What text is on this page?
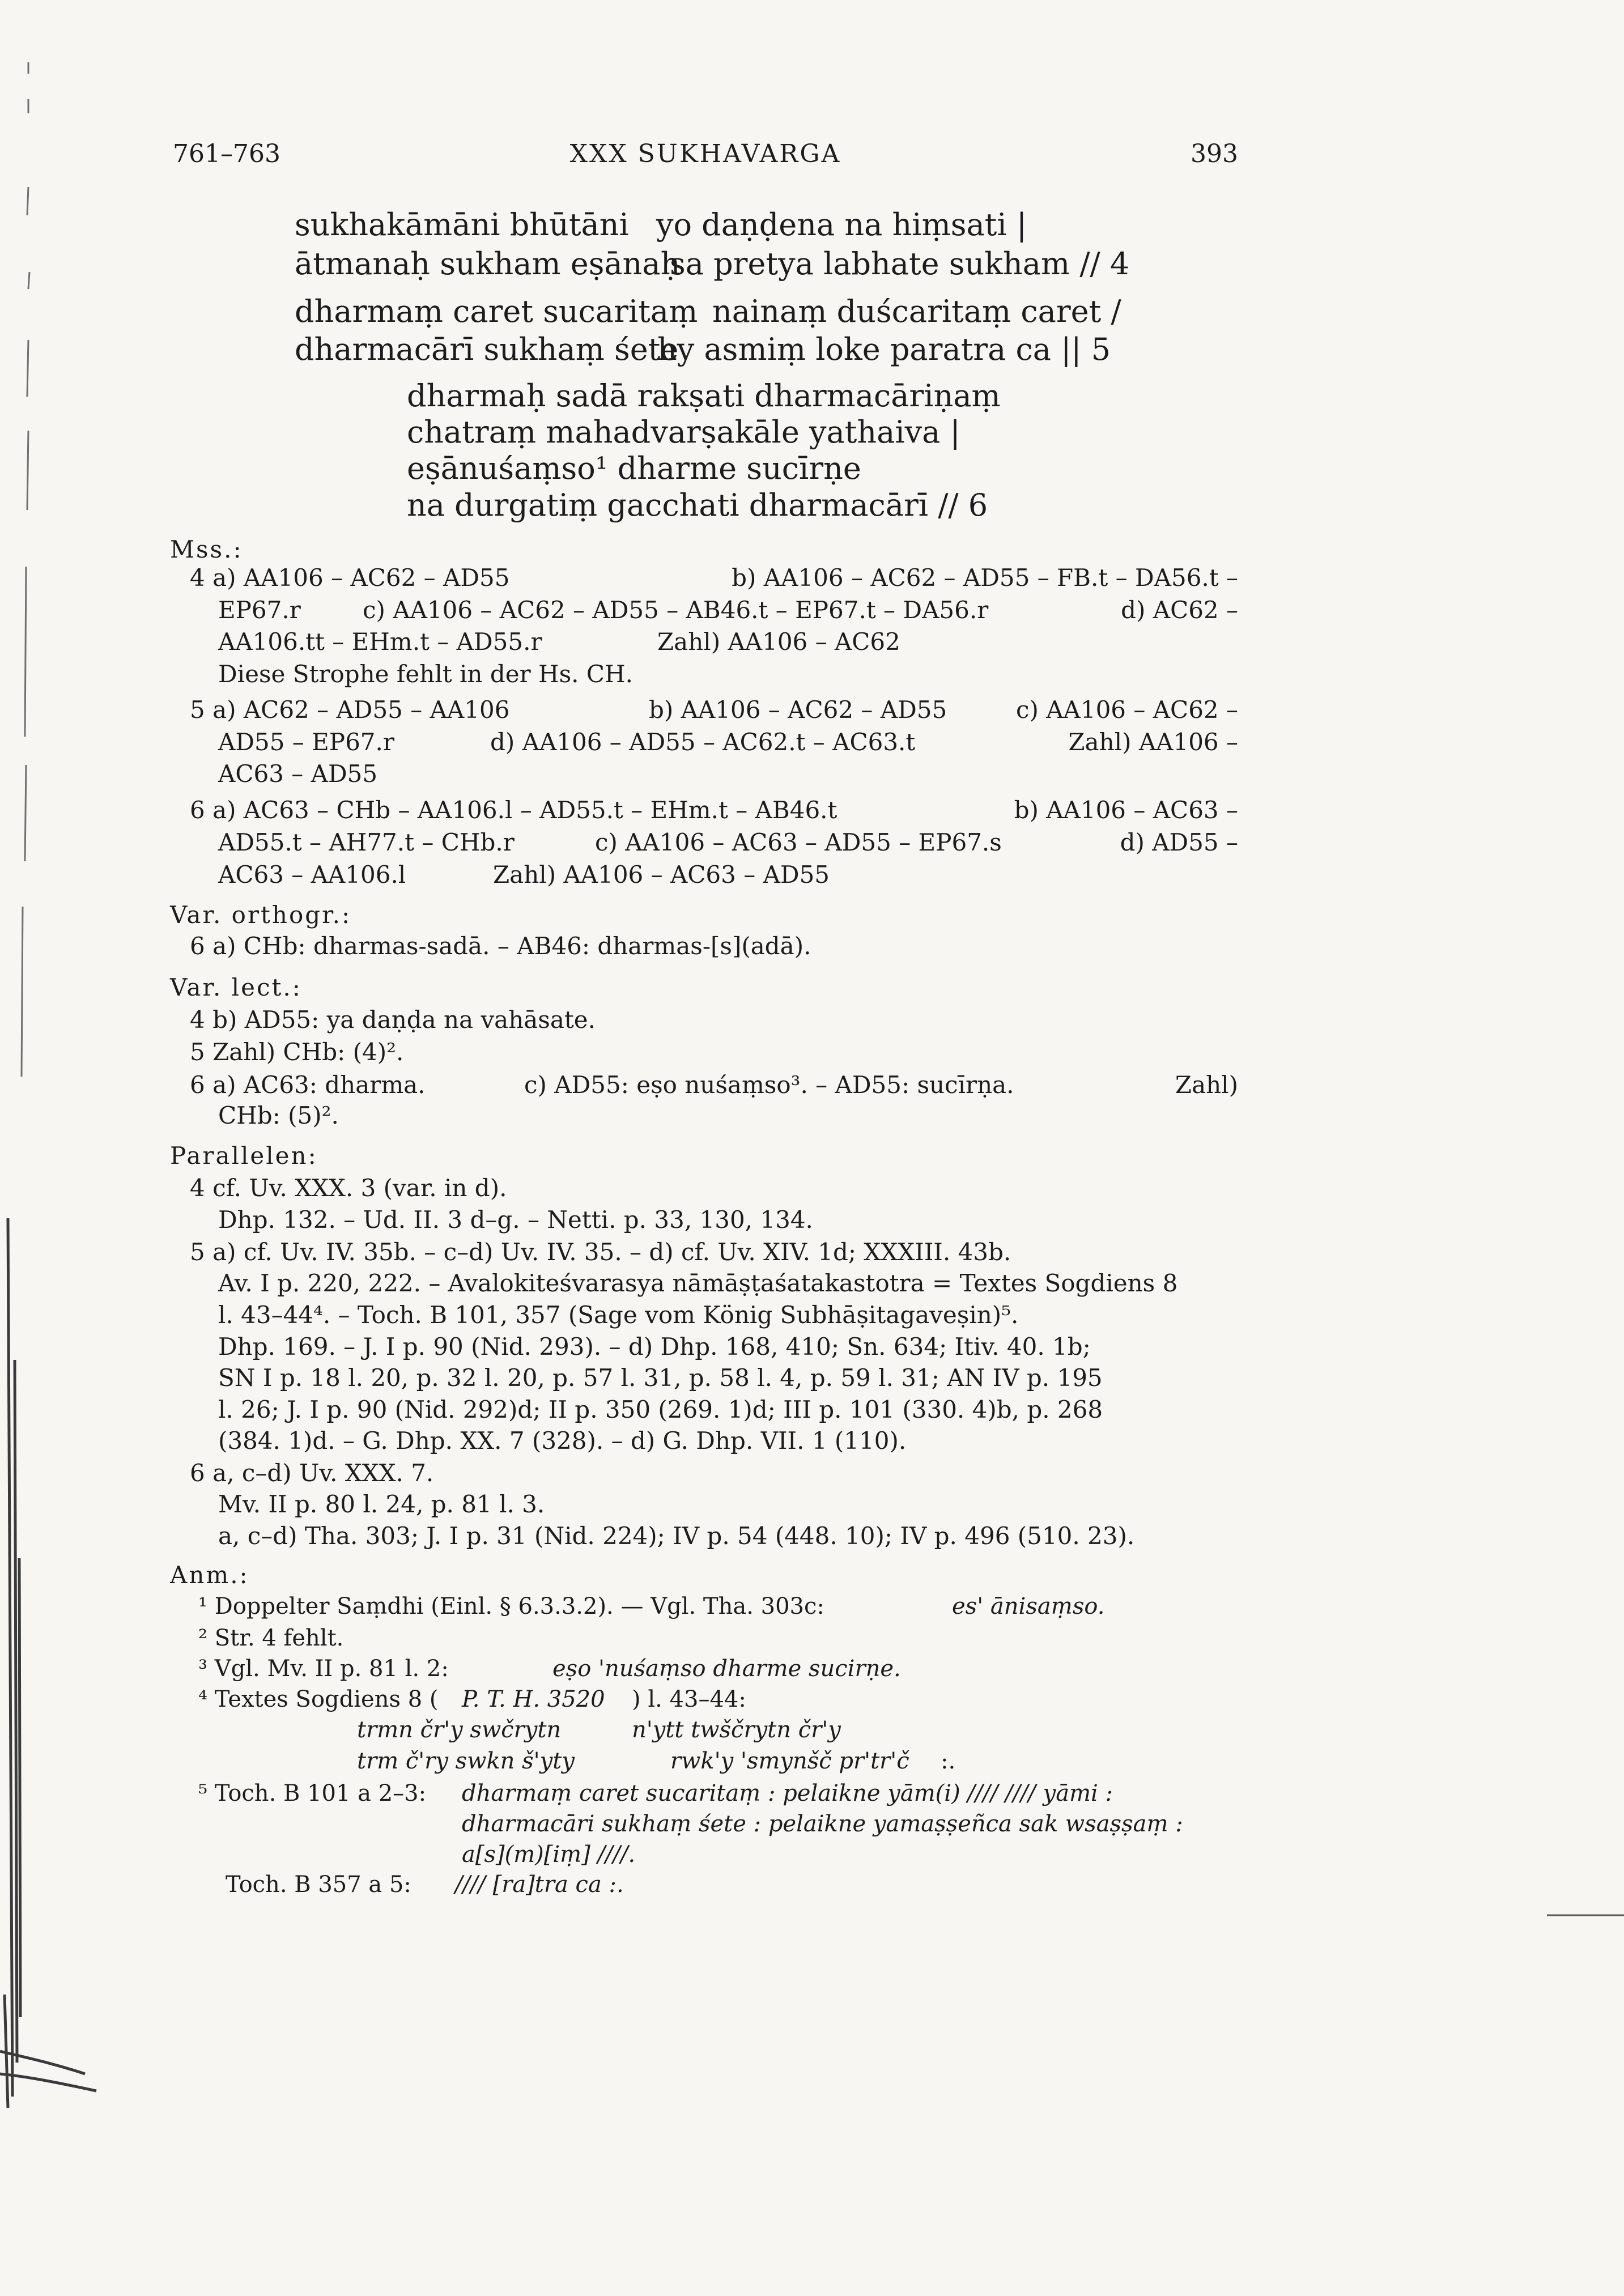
761–763	XXX SUKHAVARGA	393
sukhakāmāni bhūtāni yo daṇḍena na hiṃsati |
ātmanaḥ sukham eṣānaḥ
sa pretya labhate sukham // 4
dharmaṃ caret sucaritaṃ nainaṃ duścaritaṃ caret /
dharmacārī sukhaṃ śete
hy asmiṃ loke paratra ca || 5
dharmaḥ sadā rakṣati dharmacāriṇaṃ
chatraṃ mahadvarṣakāle yathaiva |
eṣānuśaṃso¹ dharme sucīrṇe
na durgatiṃ gacchati dharmacārī // 6
Mss.:
4 a) AA106 – AC62 – AD55	b) AA106 – AC62 – AD55 – FB.t – DA56.t –
EP67.r	c) AA106 – AC62 – AD55 – AB46.t – EP67.t – DA56.r	d) AC62 –
AA106.tt – EHm.t – AD55.r	Zahl) AA106 – AC62
Diese Strophe fehlt in der Hs. CH.
5 a) AC62 – AD55 – AA106	b) AA106 – AC62 – AD55	c) AA106 – AC62 –
AD55 – EP67.r	d) AA106 – AD55 – AC62.t – AC63.t	Zahl) AA106 –
AC63 – AD55
6 a) AC63 – CHb – AA106.l – AD55.t – EHm.t – AB46.t	b) AA106 – AC63 –
AD55.t – AH77.t – CHb.r	c) AA106 – AC63 – AD55 – EP67.s	d) AD55 –
AC63 – AA106.l	Zahl) AA106 – AC63 – AD55
Var. orthogr.:
6 a) CHb: dharmas-sadā. – AB46: dharmas-[s](adā).
Var. lect.:
4 b) AD55: ya daṇḍa na vahāsate.
5 Zahl) CHb: (4)².
6 a) AC63: dharma.	c) AD55: eṣo nuśaṃso³. – AD55: sucīrṇa.	Zahl)
CHb: (5)².
Parallelen:
4 cf. Uv. XXX. 3 (var. in d).
Dhp. 132. – Ud. II. 3 d–g. – Netti. p. 33, 130, 134.
5 a) cf. Uv. IV. 35b. – c–d) Uv. IV. 35. – d) cf. Uv. XIV. 1d; XXXIII. 43b.
Av. I p. 220, 222. – Avalokiteśvarasya nāmāṣṭaśatakastotra = Textes Sogdiens 8
l. 43–44⁴. – Toch. B 101, 357 (Sage vom König Subhāṣitagaveṣin)⁵.
Dhp. 169. – J. I p. 90 (Nid. 293). – d) Dhp. 168, 410; Sn. 634; Itiv. 40. 1b;
SN I p. 18 l. 20, p. 32 l. 20, p. 57 l. 31, p. 58 l. 4, p. 59 l. 31; AN IV p. 195
l. 26; J. I p. 90 (Nid. 292)d; II p. 350 (269. 1)d; III p. 101 (330. 4)b, p. 268
(384. 1)d. – G. Dhp. XX. 7 (328). – d) G. Dhp. VII. 1 (110).
6 a, c–d) Uv. XXX. 7.
Mv. II p. 80 l. 24, p. 81 l. 3.
a, c–d) Tha. 303; J. I p. 31 (Nid. 224); IV p. 54 (448. 10); IV p. 496 (510. 23).
Anm.:
¹ Doppelter Saṃdhi (Einl. § 6.3.3.2). — Vgl. Tha. 303c:	es' ānisaṃso.
² Str. 4 fehlt.
³ Vgl. Mv. II p. 81 l. 2:	eṣo 'nuśaṃso dharme sucirṇe.
⁴ Textes Sogdiens 8 ( P. T. H. 3520 ) l. 43–44:
trmn čr'y swčrytn	n'ytt twščrytn čr'y
trm č'ry swkn š'yty	rwk'y 'smynšč pr'tr'č :.
⁵ Toch. B 101 a 2–3: dharmaṃ caret sucaritaṃ : pelaikne yām(i) //// //// yāmi :
dharmacāri sukhaṃ śete : pelaikne yamaṣṣeñca sak wsaṣṣaṃ :
a[s](m)[iṃ] ////.
Toch. B 357 a 5: //// [ra]tra ca :.
